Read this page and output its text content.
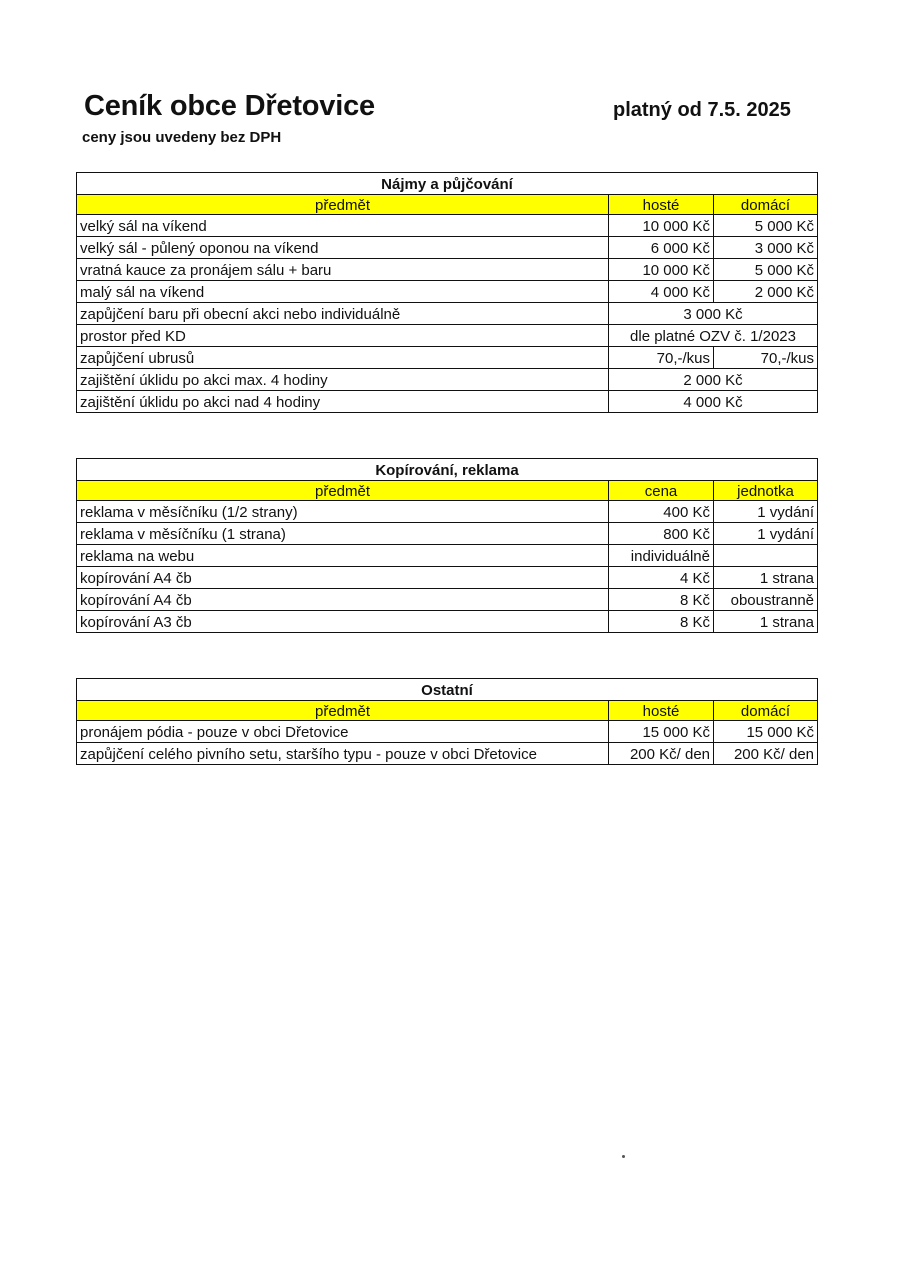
Ceník obce Dřetovice	platný od 7.5. 2025
ceny jsou uvedeny bez DPH
Nájmy a půjčování		
předmět	hosté	domácí
velký sál na víkend	10 000 Kč	5 000 Kč
velký sál - půlený oponou na víkend	6 000 Kč	3 000 Kč
vratná kauce za pronájem sálu + baru	10 000 Kč	5 000 Kč
malý sál na víkend	4 000 Kč	2 000 Kč
zapůjčení baru při obecní akci nebo individuálně	3 000 Kč	
prostor před KD	dle platné OZV č. 1/2023	
zapůjčení ubrusů	70,-/kus	70,-/kus
zajištění úklidu po akci max. 4 hodiny	2 000 Kč	
zajištění úklidu po akci nad 4 hodiny	4 000 Kč	
Kopírování, reklama		
předmět	cena	jednotka
reklama v měsíčníku (1/2 strany)	400 Kč	1 vydání
reklama v měsíčníku (1 strana)	800 Kč	1 vydání
reklama na webu	individuálně	
kopírování A4 čb	4 Kč	1 strana
kopírování A4 čb	8 Kč	oboustranně
kopírování A3 čb	8 Kč	1 strana
Ostatní		
předmět	hosté	domácí
pronájem pódia - pouze v obci Dřetovice	15 000 Kč	15 000 Kč
zapůjčení celého pivního setu, staršího typu - pouze v obci Dřetovice	200 Kč/ den	200 Kč/ den
